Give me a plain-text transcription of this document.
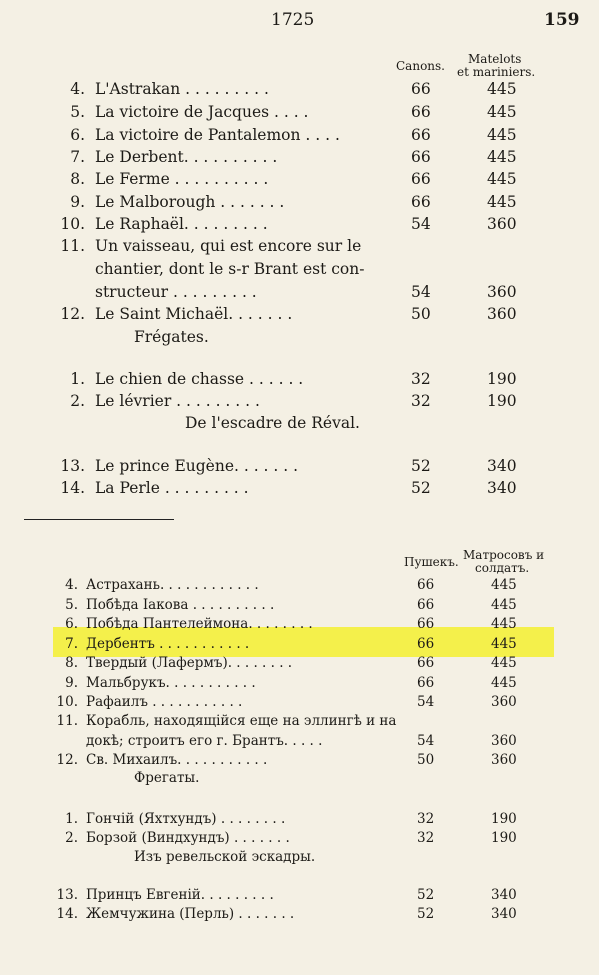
1725	159
Canons. Matelots
et mariniers.
4. L'Astrakan . . . . . . . . .	66	445
5. La victoire de Jacques . . . .	66	445
6. La victoire de Pantalemon . . . .	66	445
7. Le Derbent. . . . . . . . . .	66	445
8. Le Ferme . . . . . . . . . .	66	445
9. Le Malborough . . . . . . .	66	445
10. Le Raphaël. . . . . . . . .	54	360
11. Un vaisseau, qui est encore sur le
chantier, dont le s-r Brant est con-
structeur . . . . . . . . .	54	360
12. Le Saint Michaël. . . . . . .	50	360
1. Le chien de chasse . . . . . .	32	190
2. Le lévrier . . . . . . . . .	32	190
13. Le prince Eugène. . . . . . .	52	340
14. La Perle . . . . . . . . .	52	340
Frégates.
De l'escadre de Réval.
Пушекъ. Матросовъ и
солдатъ.
4. Астрахань. . . . . . . . . . . .	66	445
5. Побѣда Іакова . . . . . . . . . .	66	445
6. Побѣда Пантелеймона. . . . . . . .	66	445
7. Дербентъ . . . . . . . . . . .	66	445
8. Твердый (Лафермъ). . . . . . . .	66	445
9. Мальбрукъ. . . . . . . . . . .	66	445
10. Рафаилъ . . . . . . . . . . .	54	360
11. Корабль, находящійся еще на эллингѣ и на
докѣ; строитъ его г. Брантъ. . . . .	54	360
12. Св. Михаилъ. . . . . . . . . . .	50	360
1. Гончій (Яхтхундъ) . . . . . . . .	32	190
2. Борзой (Виндхундъ) . . . . . . .	32	190
13. Принцъ Евгеній. . . . . . . . .	52	340
14. Жемчужина (Перль) . . . . . . .	52	340
Фрегаты.
Изъ ревельской эскадры.
